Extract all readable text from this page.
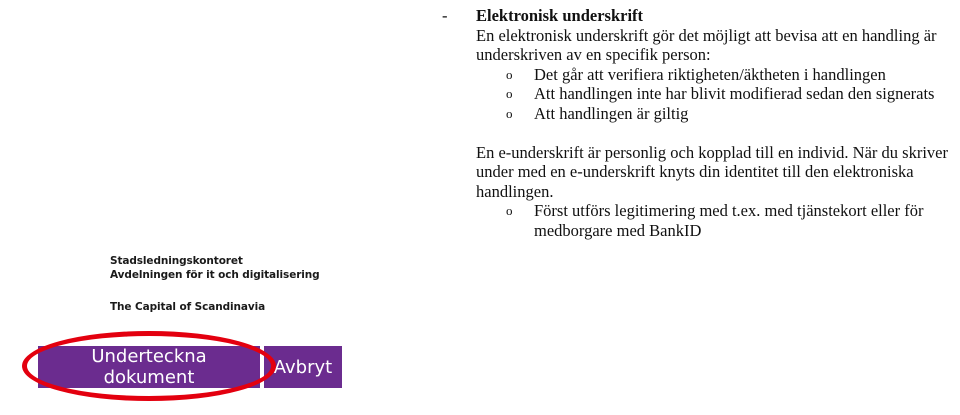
Stadsledningskontoret
Avdelningen för it och digitalisering
The Capital of Scandinavia
Underteckna dokument	Avbryt
- Elektronisk underskrift

En elektronisk underskrift gör det möjligt att bevisa att en handling är underskriven av en specifik person:

o Det går att verifiera riktigheten/äktheten i handlingen
o Att handlingen inte har blivit modifierad sedan den signerats
o Att handlingen är giltig

En e-underskrift är personlig och kopplad till en individ. När du skriver under med en e-underskrift knyts din identitet till den elektroniska handlingen.

o Först utförs legitimering med t.ex. med tjänstekort eller för medborgare med BankID
